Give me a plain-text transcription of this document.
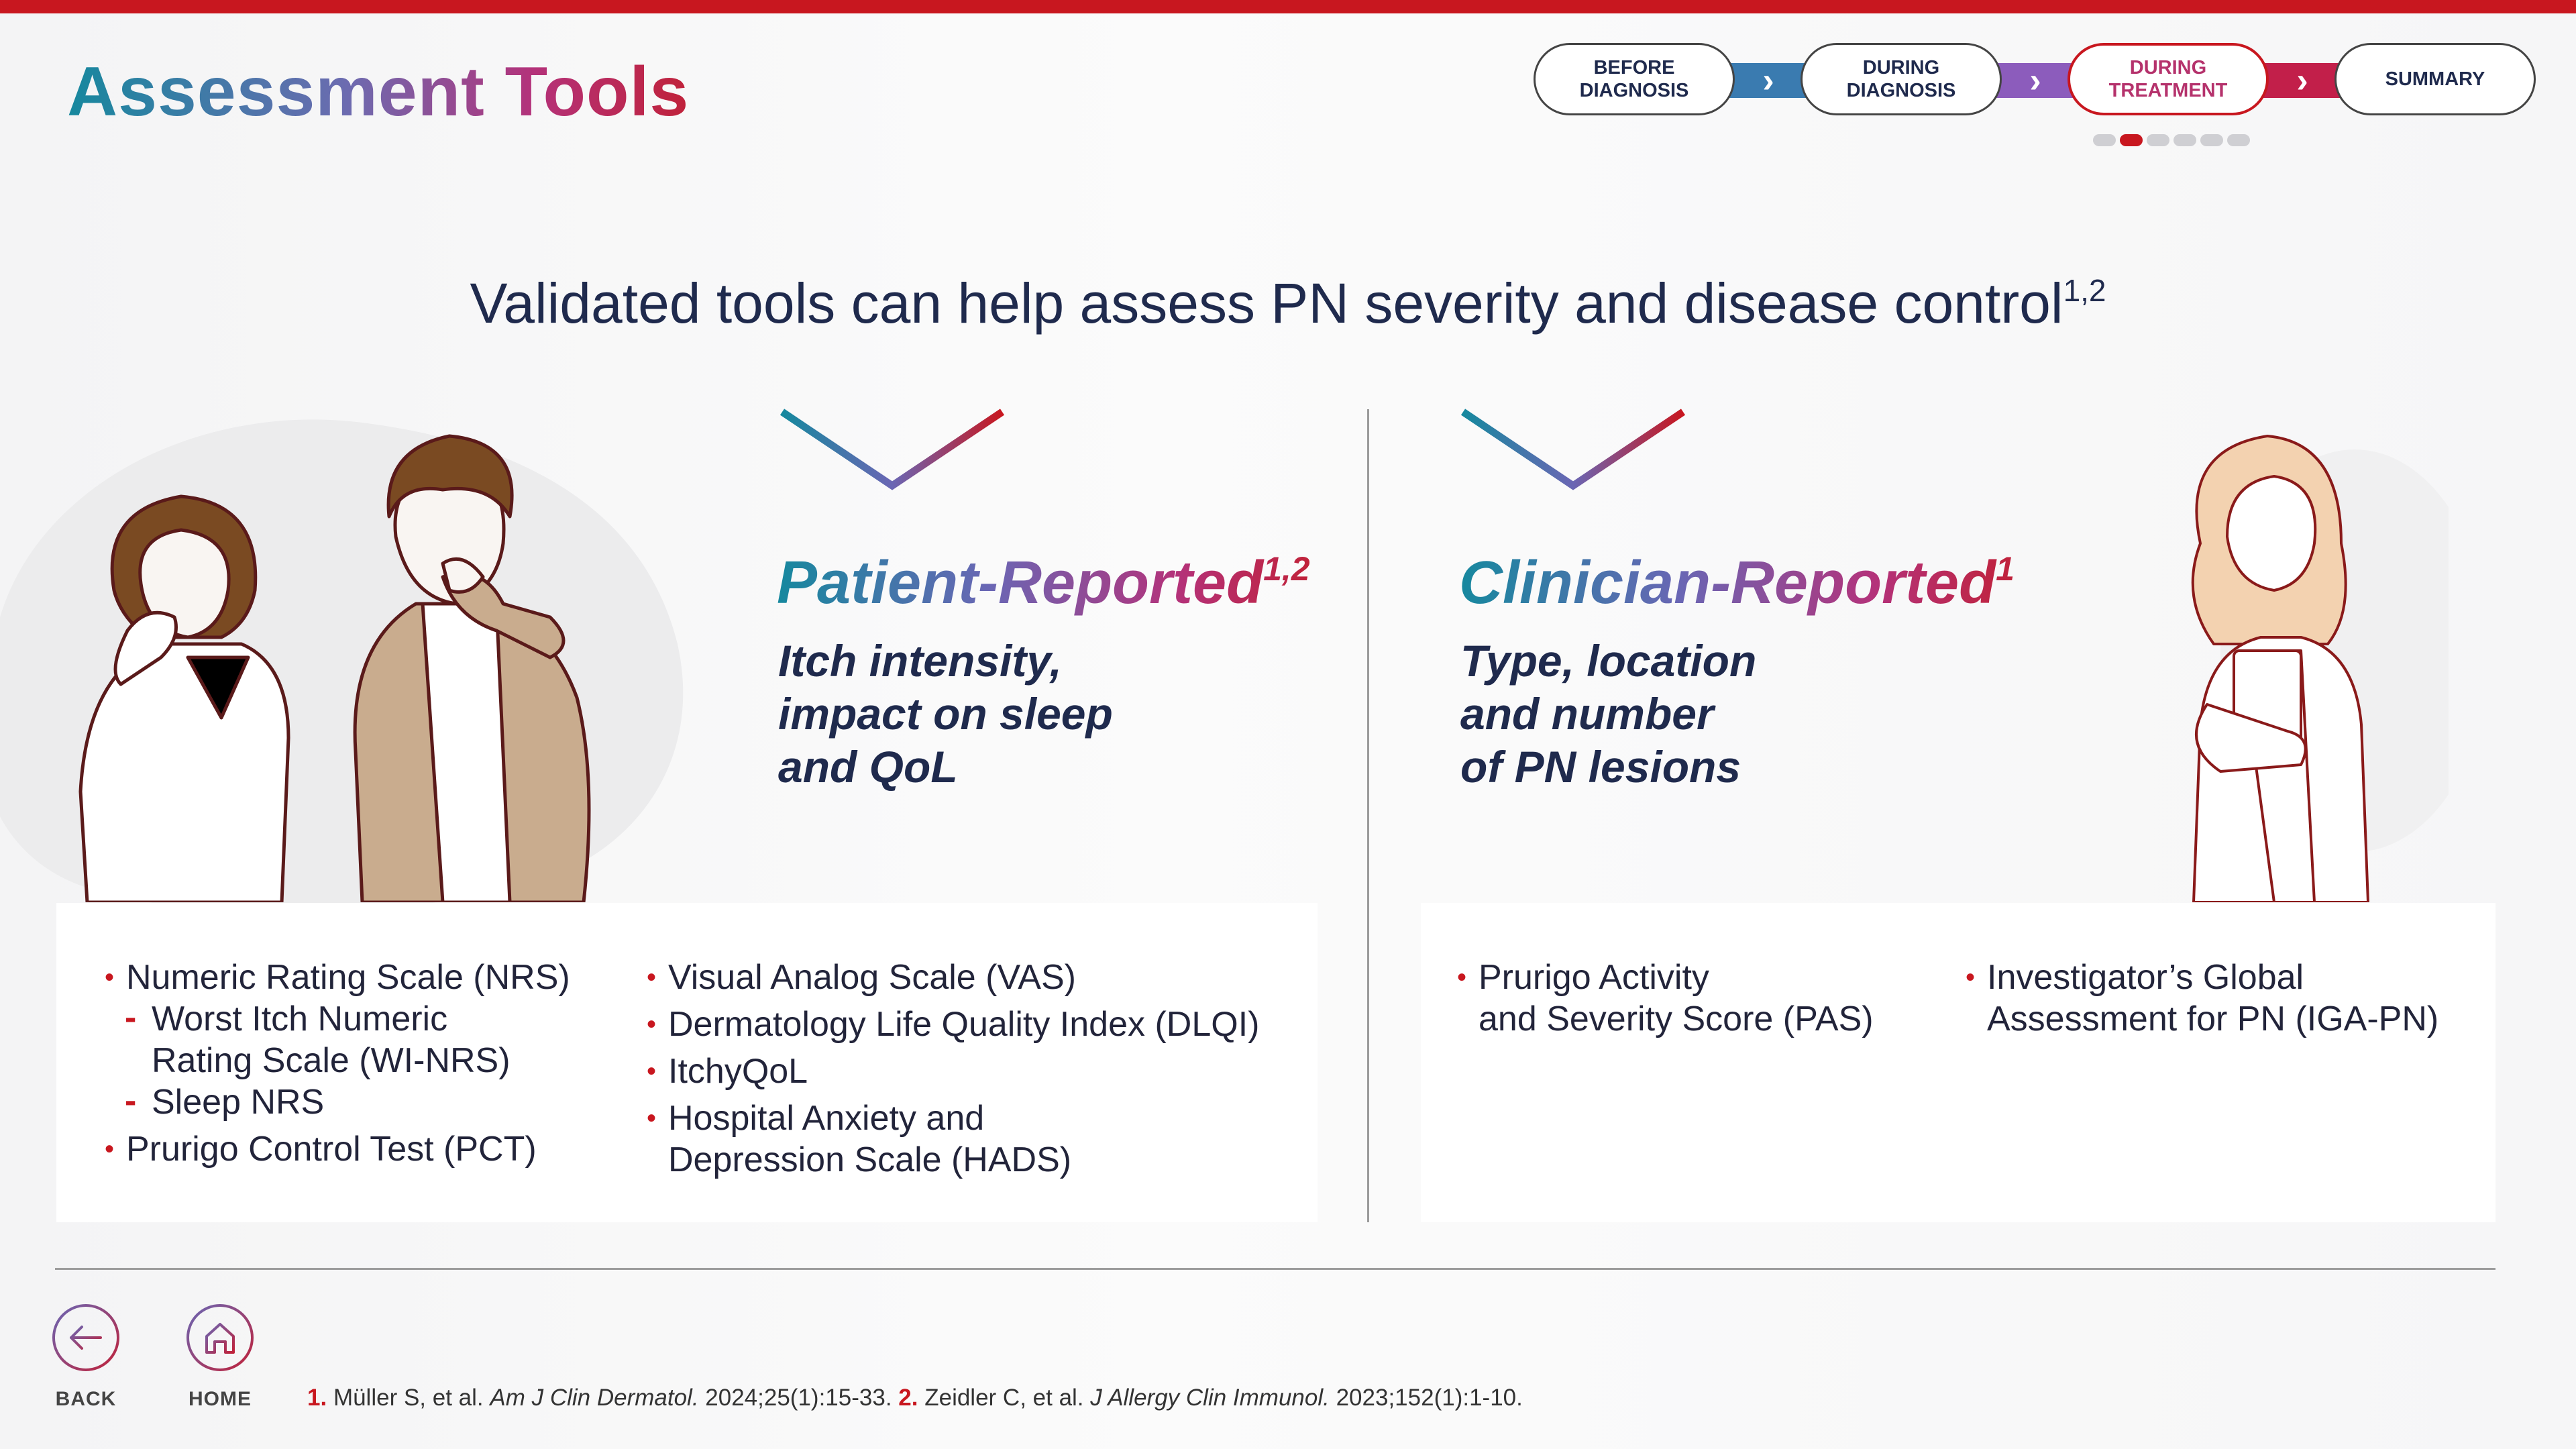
Assessment Tools	›	›	›
BEFORE
DIAGNOSIS
DURING
DIAGNOSIS
DURING
TREATMENT
SUMMARY
Validated tools can help assess PN severity and disease control$^{1,2}$
Patient-Reported$^{1,2}$
Itch intensity,
impact on sleep
and QoL
Clinician-Reported$^1$
Type, location
and number
of PN lesions
• Numeric Rating Scale (NRS)
- Worst Itch Numeric
Rating Scale (WI-NRS)
- Sleep NRS
• Prurigo Control Test (PCT)
• Visual Analog Scale (VAS)
• Dermatology Life Quality Index (DLQI)
• ItchyQoL
• Hospital Anxiety and
Depression Scale (HADS)
• Prurigo Activity
and Severity Score (PAS)
• Investigator’s Global
Assessment for PN (IGA-PN)
BACK	HOME 1. Müller S, et al. Am J Clin Dermatol. 2024;25(1):15-33. 2. Zeidler C, et al. J Allergy Clin Immunol. 2023;152(1):1-10.
